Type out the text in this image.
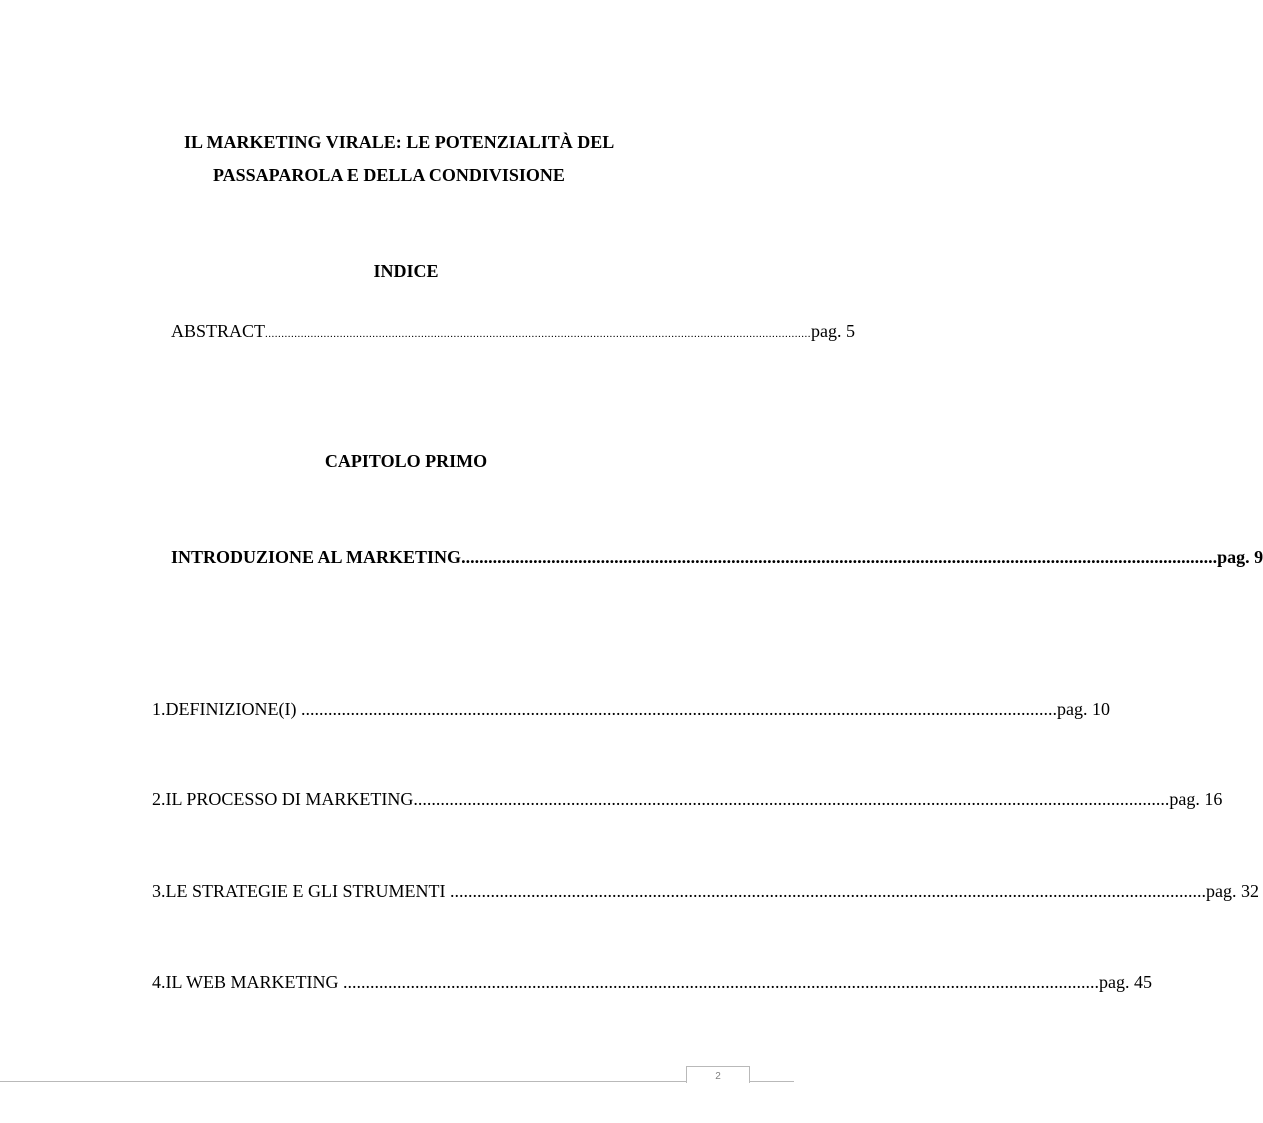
IL MARKETING VIRALE: LE POTENZIALITÀ DEL
PASSAPAROLA E DELLA CONDIVISIONE
INDICE
ABSTRACT ........................................................................................................................................................................ pag. 5
CAPITOLO PRIMO
INTRODUZIONE AL MARKETING ........................................................................................................................................................................ pag. 9
1.DEFINIZIONE(I) ........................................................................................................................................................................ pag. 10
2.IL PROCESSO DI MARKETING ........................................................................................................................................................................ pag. 16
3.LE STRATEGIE E GLI STRUMENTI ........................................................................................................................................................................ pag. 32
4.IL WEB MARKETING ........................................................................................................................................................................ pag. 45
2
